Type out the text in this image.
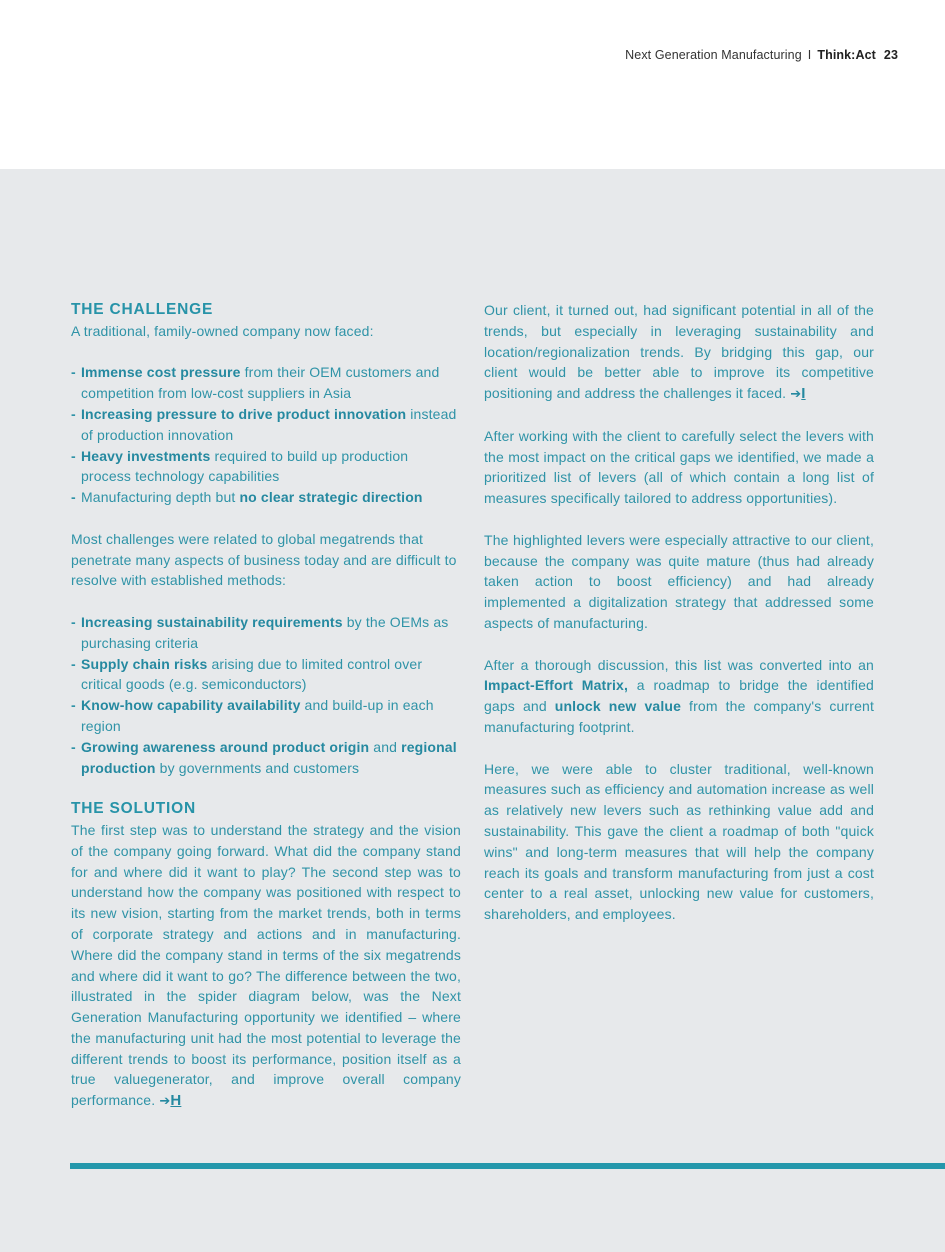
Next Generation Manufacturing I Think:Act 23
THE CHALLENGE

A traditional, family-owned company now faced:

- Immense cost pressure from their OEM customers and competition from low-cost suppliers in Asia
- Increasing pressure to drive product innovation instead of production innovation
- Heavy investments required to build up production process technology capabilities
- Manufacturing depth but no clear strategic direction

Most challenges were related to global megatrends that penetrate many aspects of business today and are difficult to resolve with established methods:

- Increasing sustainability requirements by the OEMs as purchasing criteria
- Supply chain risks arising due to limited control over critical goods (e.g. semiconductors)
- Know-how capability availability and build-up in each region
- Growing awareness around product origin and regional production by governments and customers
THE SOLUTION

The first step was to understand the strategy and the vision of the company going forward. What did the company stand for and where did it want to play? The second step was to understand how the company was positioned with respect to its new vision, starting from the market trends, both in terms of corporate strategy and actions and in manufacturing. Where did the company stand in terms of the six megatrends and where did it want to go? The difference between the two, illustrated in the spider diagram below, was the Next Generation Manufacturing opportunity we identified – where the manufacturing unit had the most potential to leverage the different trends to boost its performance, position itself as a true valuegenerator, and improve overall company performance. ➔H

Our client, it turned out, had significant potential in all of the trends, but especially in leveraging sustainability and location/regionalization trends. By bridging this gap, our client would be better able to improve its competitive positioning and address the challenges it faced. ➔I

After working with the client to carefully select the levers with the most impact on the critical gaps we identified, we made a prioritized list of levers (all of which contain a long list of measures specifically tailored to address opportunities).

The highlighted levers were especially attractive to our client, because the company was quite mature (thus had already taken action to boost efficiency) and had already implemented a digitalization strategy that addressed some aspects of manufacturing.

After a thorough discussion, this list was converted into an Impact-Effort Matrix, a roadmap to bridge the identified gaps and unlock new value from the company's current manufacturing footprint.

Here, we were able to cluster traditional, well-known measures such as efficiency and automation increase as well as relatively new levers such as rethinking value add and sustainability. This gave the client a roadmap of both "quick wins" and long-term measures that will help the company reach its goals and transform manufacturing from just a cost center to a real asset, unlocking new value for customers, shareholders, and employees.
